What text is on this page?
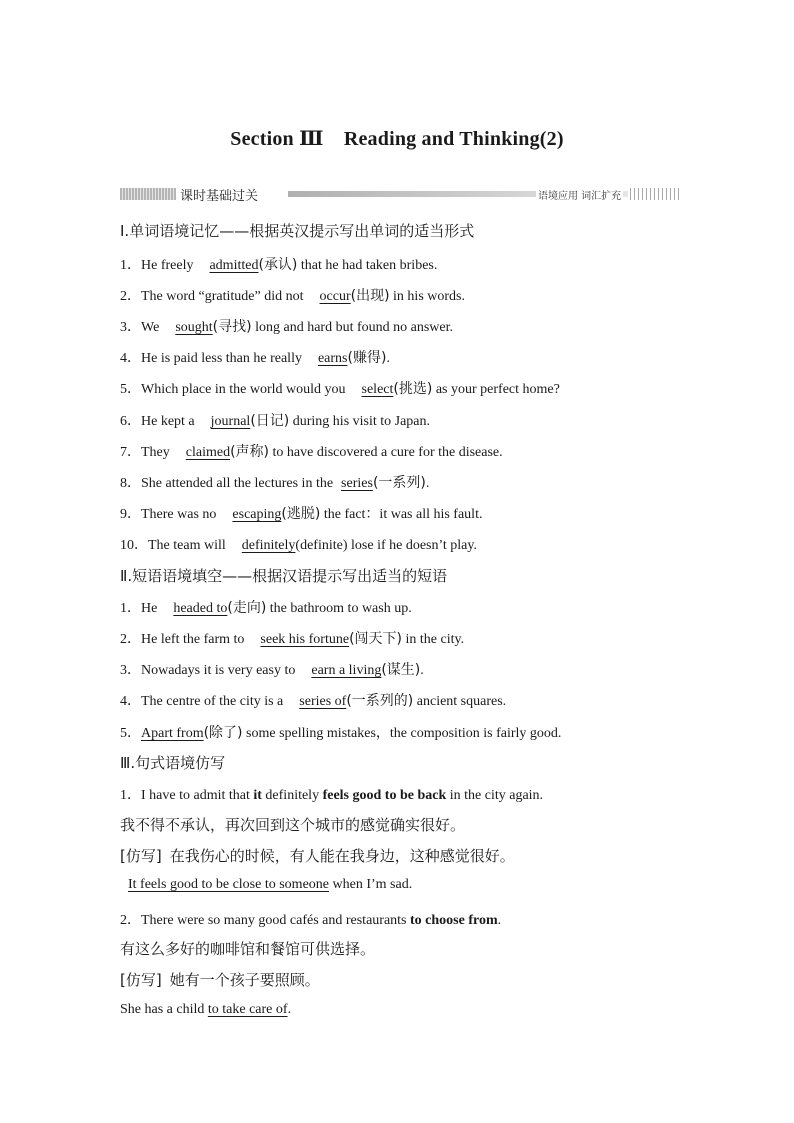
Section Ⅲ　Reading and Thinking(2)
课时基础过关	语境应用 词汇扩充
Ⅰ.单词语境记忆——根据英汉提示写出单词的适当形式
1．He freely admitted(承认) that he had taken bribes.
2．The word “gratitude” did not occur(出现) in his words.
3．We sought(寻找) long and hard but found no answer.
4．He is paid less than he really earns(赚得).
5．Which place in the world would you select(挑选) as your perfect home?
6．He kept a journal(日记) during his visit to Japan.
7．They claimed(声称) to have discovered a cure for the disease.
8．She attended all the lectures in the series(一系列).
9．There was no escaping(逃脱) the fact：it was all his fault.
10．The team will definitely(definite) lose if he doesn’t play.
Ⅱ.短语语境填空——根据汉语提示写出适当的短语
1．He headed to(走向) the bathroom to wash up.
2．He left the farm to seek his fortune(闯天下) in the city.
3．Nowadays it is very easy to earn a living(谋生).
4．The centre of the city is a series of(一系列的) ancient squares.
5．Apart from(除了) some spelling mistakes，the composition is fairly good.
Ⅲ.句式语境仿写
1．I have to admit that it definitely feels good to be back in the city again.
我不得不承认，再次回到这个城市的感觉确实很好。
[仿写] 在我伤心的时候，有人能在我身边，这种感觉很好。
It feels good to be close to someone when I’m sad.
2．There were so many good cafés and restaurants to choose from.
有这么多好的咖啡馆和餐馆可供选择。
[仿写] 她有一个孩子要照顾。
She has a child to take care of.
